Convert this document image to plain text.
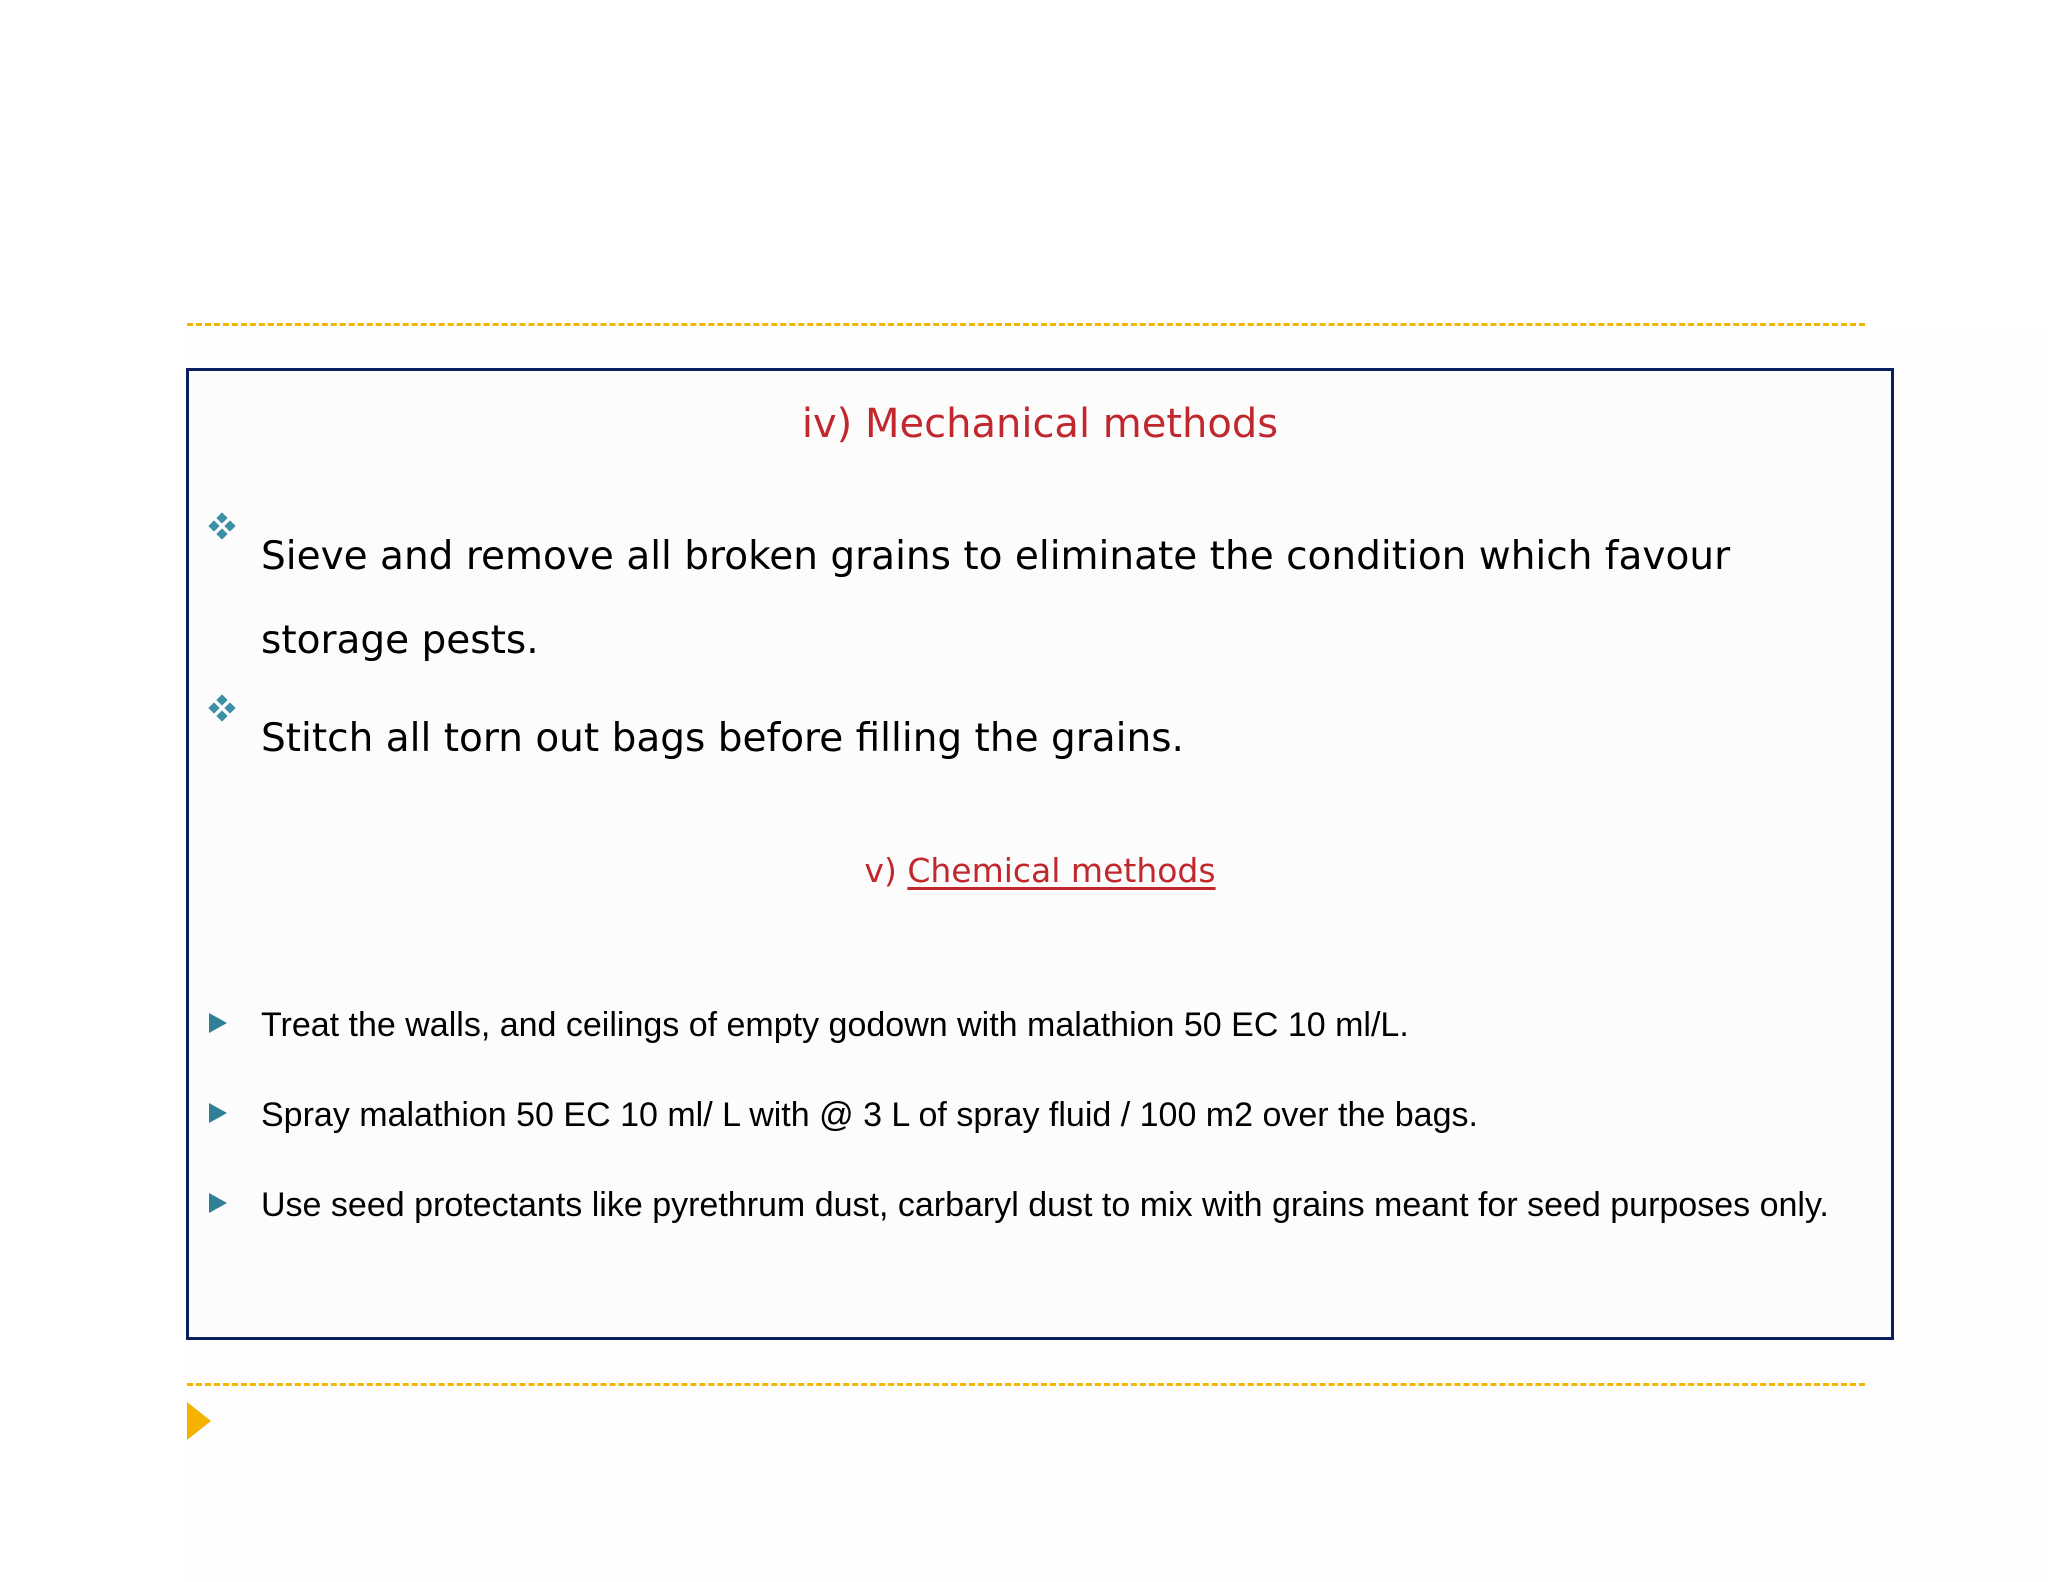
iv) Mechanical methods
Sieve and remove all broken grains to eliminate the condition which favour storage pests.
Stitch all torn out bags before filling the grains.
v) Chemical methods
Treat the walls, and ceilings of empty godown with malathion 50 EC 10 ml/L.
Spray malathion 50 EC 10 ml/ L with @ 3 L of spray fluid / 100 m2 over the bags.
Use seed protectants like pyrethrum dust, carbaryl dust to mix with grains meant for seed purposes only.
